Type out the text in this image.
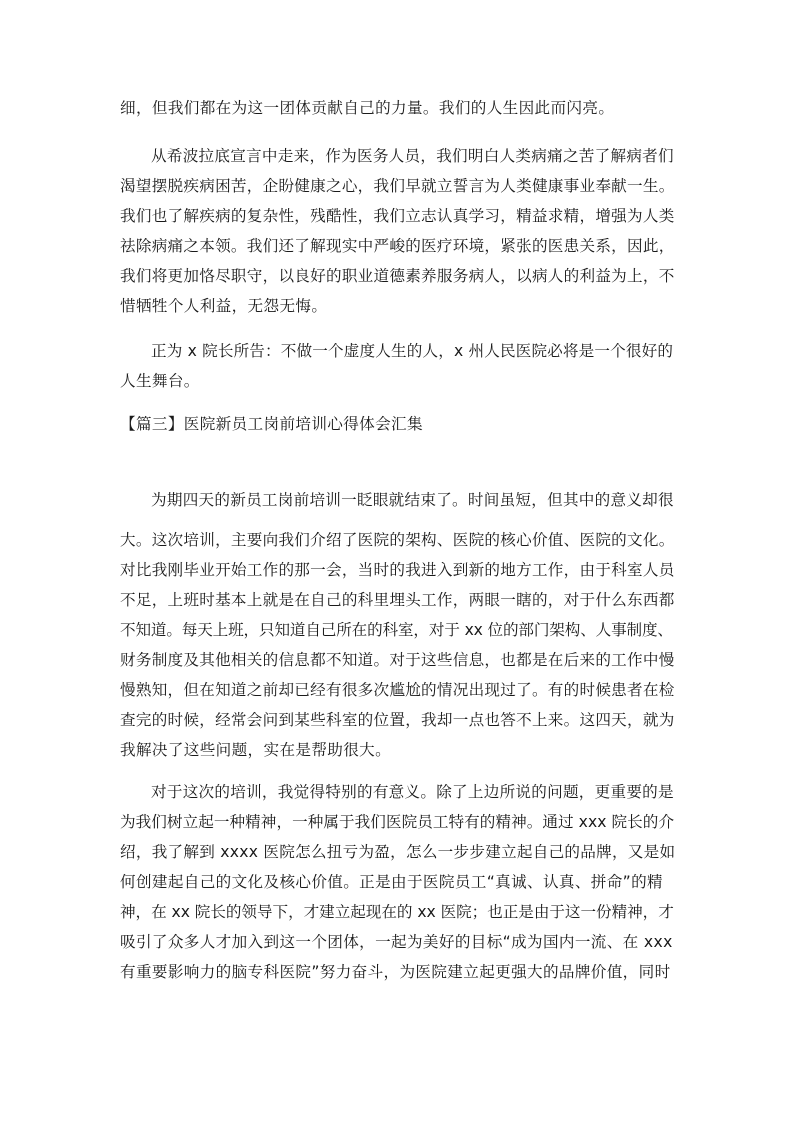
细，但我们都在为这一团体贡献自己的力量。我们的人生因此而闪亮。
从希波拉底宣言中走来，作为医务人员，我们明白人类病痛之苦了解病者们
渴望摆脱疾病困苦，企盼健康之心，我们早就立誓言为人类健康事业奉献一生。
我们也了解疾病的复杂性，残酷性，我们立志认真学习，精益求精，增强为人类
祛除病痛之本领。我们还了解现实中严峻的医疗环境，紧张的医患关系，因此，
我们将更加恪尽职守，以良好的职业道德素养服务病人，以病人的利益为上，不
惜牺牲个人利益，无怨无悔。
正为 x 院长所告：不做一个虚度人生的人，x 州人民医院必将是一个很好的
人生舞台。
【篇三】医院新员工岗前培训心得体会汇集
为期四天的新员工岗前培训一眨眼就结束了。时间虽短，但其中的意义却很
大。这次培训，主要向我们介绍了医院的架构、医院的核心价值、医院的文化。
对比我刚毕业开始工作的那一会，当时的我进入到新的地方工作，由于科室人员
不足，上班时基本上就是在自己的科里埋头工作，两眼一瞎的，对于什么东西都
不知道。每天上班，只知道自己所在的科室，对于 xx 位的部门架构、人事制度、
财务制度及其他相关的信息都不知道。对于这些信息，也都是在后来的工作中慢
慢熟知，但在知道之前却已经有很多次尴尬的情况出现过了。有的时候患者在检
查完的时候，经常会问到某些科室的位置，我却一点也答不上来。这四天，就为
我解决了这些问题，实在是帮助很大。
对于这次的培训，我觉得特别的有意义。除了上边所说的问题，更重要的是
为我们树立起一种精神，一种属于我们医院员工特有的精神。通过 xxx 院长的介
绍，我了解到 xxxx 医院怎么扭亏为盈，怎么一步步建立起自己的品牌，又是如
何创建起自己的文化及核心价值。正是由于医院员工“真诚、认真、拼命”的精
神，在 xx 院长的领导下，才建立起现在的 xx 医院；也正是由于这一份精神，才
吸引了众多人才加入到这一个团体，一起为美好的目标“成为国内一流、在 xxx
有重要影响力的脑专科医院”努力奋斗，为医院建立起更强大的品牌价值，同时
